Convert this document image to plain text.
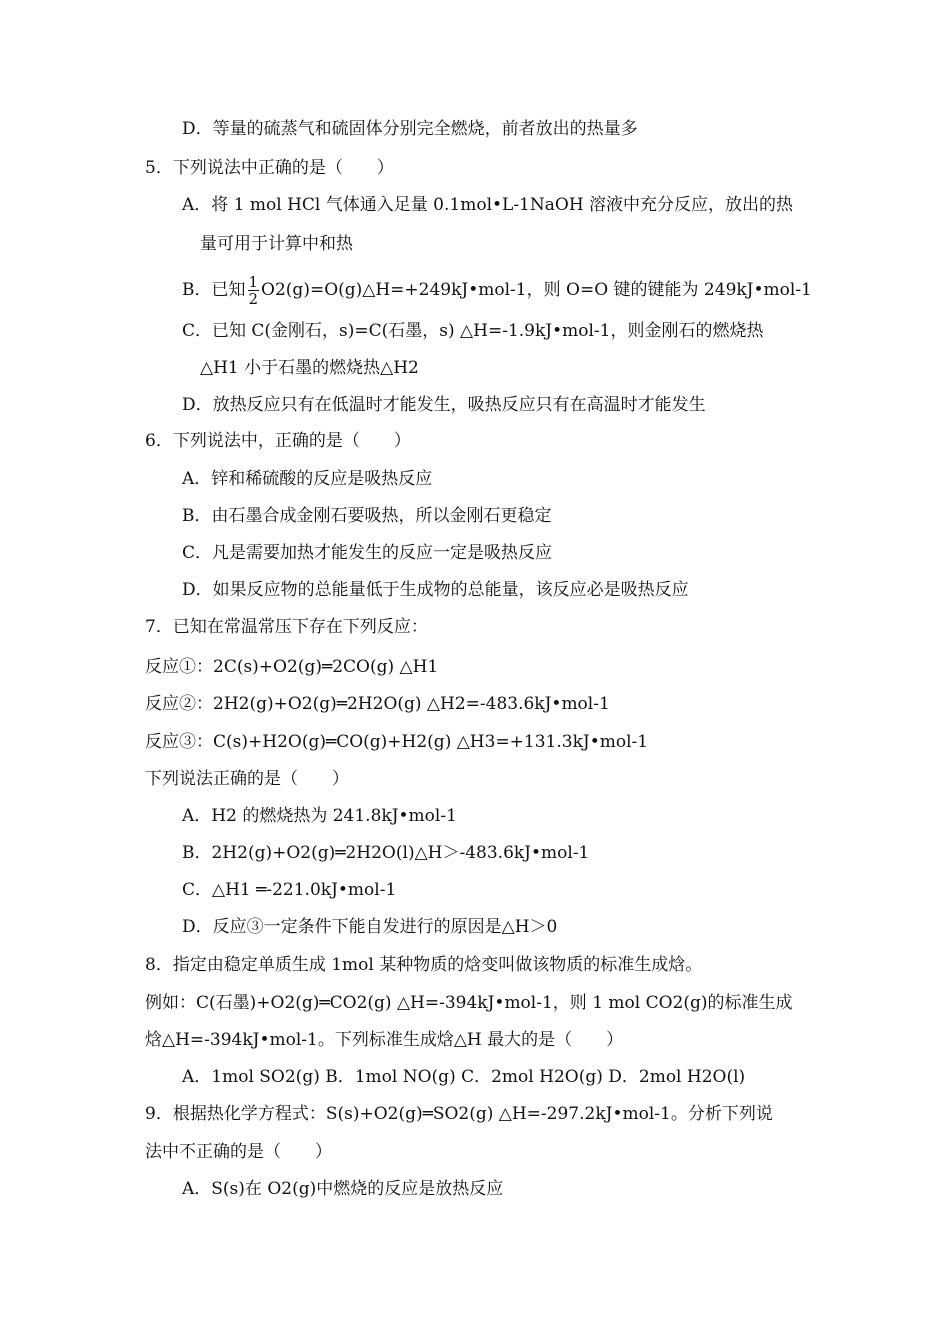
D．等量的硫蒸气和硫固体分别完全燃烧，前者放出的热量多
5．下列说法中正确的是（　　）
A．将 1 mol HCl 气体通入足量 0.1mol•L-1NaOH 溶液中充分反应，放出的热
量可用于计算中和热
B．已知 $\frac{1}{2}$ O2(g)=O(g)△H=+249kJ•mol-1，则 O=O 键的键能为 249kJ•mol-1
C．已知 C(金刚石，s)=C(石墨，s) △H=-1.9kJ•mol-1，则金刚石的燃烧热
△H1 小于石墨的燃烧热△H2
D．放热反应只有在低温时才能发生，吸热反应只有在高温时才能发生
6．下列说法中，正确的是（　　）
A．锌和稀硫酸的反应是吸热反应
B．由石墨合成金刚石要吸热，所以金刚石更稳定
C．凡是需要加热才能发生的反应一定是吸热反应
D．如果反应物的总能量低于生成物的总能量，该反应必是吸热反应
7．已知在常温常压下存在下列反应：
反应①：2C(s)+O2(g)═2CO(g) △H1
反应②：2H2(g)+O2(g)═2H2O(g) △H2=-483.6kJ•mol-1
反应③：C(s)+H2O(g)═CO(g)+H2(g) △H3=+131.3kJ•mol-1
下列说法正确的是（　　）
A．H2 的燃烧热为 241.8kJ•mol-1
B．2H2(g)+O2(g)═2H2O(l)△H＞-483.6kJ•mol-1
C．△H1 ═-221.0kJ•mol-1
D．反应③一定条件下能自发进行的原因是△H＞0
8．指定由稳定单质生成 1mol 某种物质的焓变叫做该物质的标准生成焓。
例如：C(石墨)+O2(g)═CO2(g) △H=-394kJ•mol-1，则 1 mol CO2(g)的标准生成
焓△H=-394kJ•mol-1。下列标准生成焓△H 最大的是（　　）
A．1mol SO2(g) B．1mol NO(g) C．2mol H2O(g) D．2mol H2O(l)
9．根据热化学方程式：S(s)+O2(g)═SO2(g) △H=-297.2kJ•mol-1。分析下列说
法中不正确的是（　　）
A．S(s)在 O2(g)中燃烧的反应是放热反应
